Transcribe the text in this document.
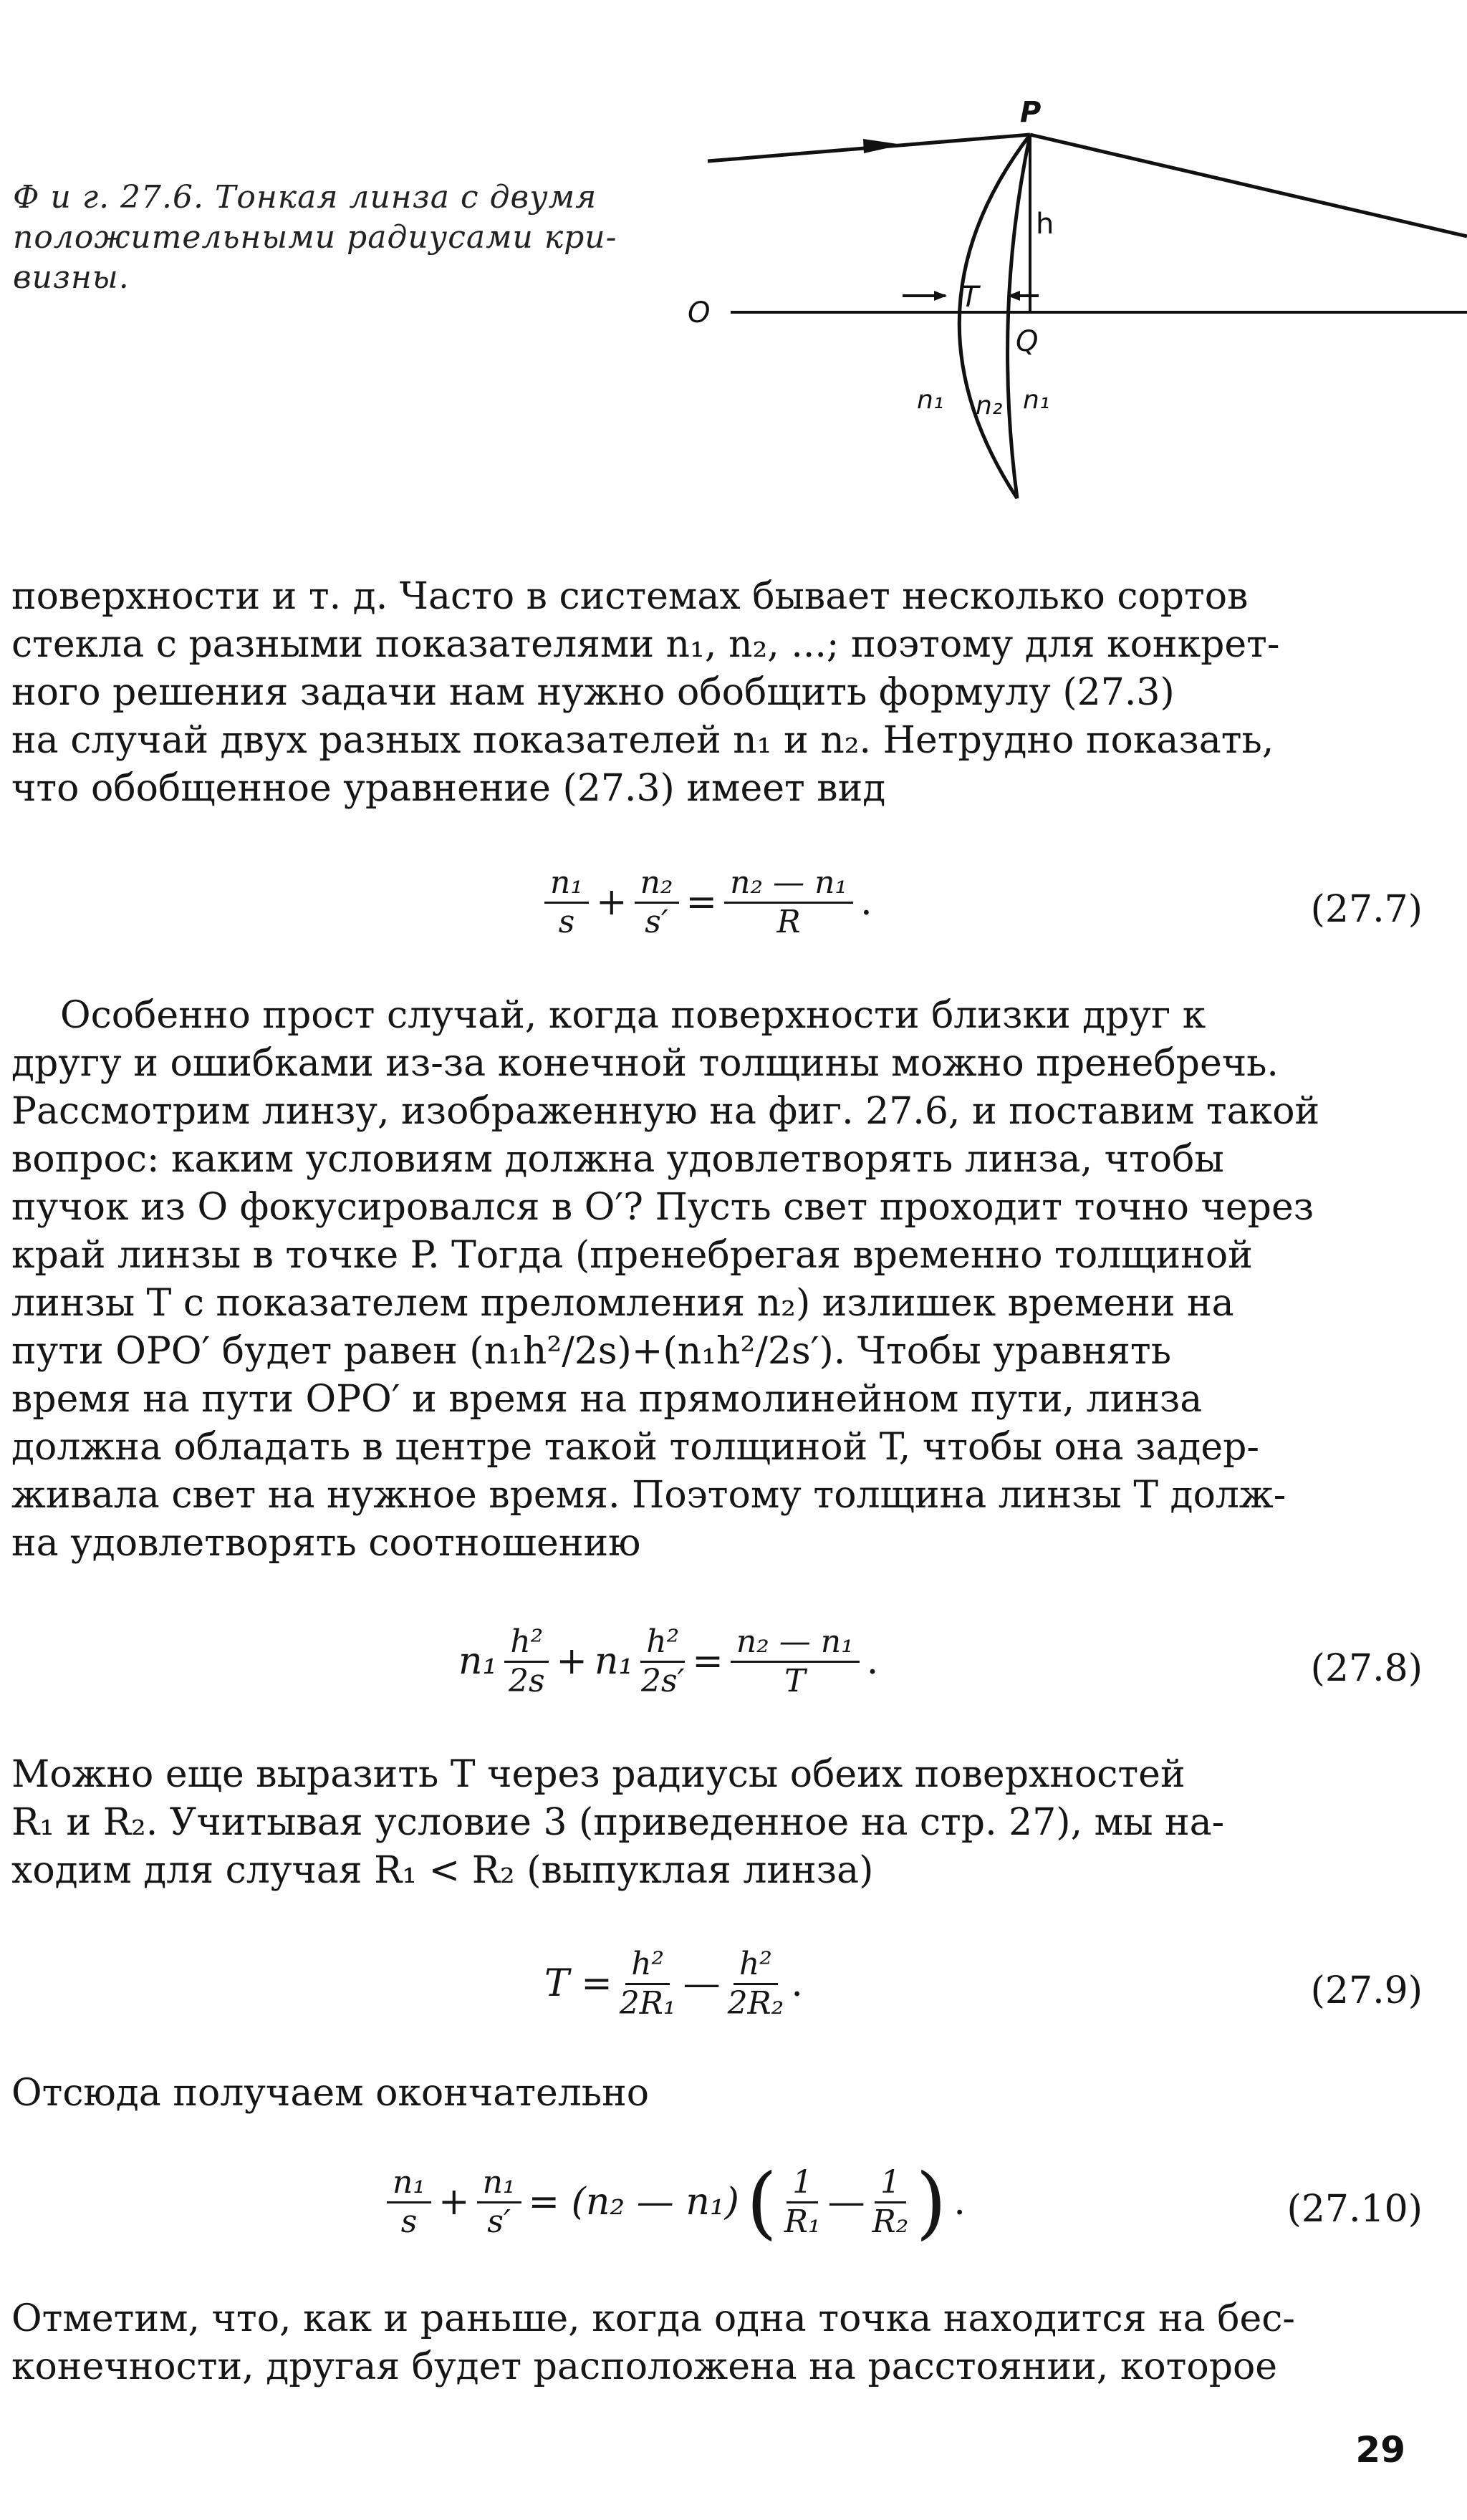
Ф и г. 27.6. Тонкая линза с двумя
положительными радиусами кри-
визны.
P
h
O	T
Q
n₁ n₂ n₁
поверхности и т. д. Часто в системах бывает несколько сортов
стекла с разными показателями n₁, n₂, ...; поэтому для конкрет-
ного решения задачи нам нужно обобщить формулу (27.3)
на случай двух разных показателей n₁ и n₂. Нетрудно показать,
что обобщенное уравнение (27.3) имеет вид
$\frac{\text{n₁}}{s} + \frac{\text{n₂}}{s'} = \frac{\text{n₂ — n₁}}{R}$ .	(27.7)
Особенно прост случай, когда поверхности близки друг к
другу и ошибками из-за конечной толщины можно пренебречь.
Рассмотрим линзу, изображенную на фиг. 27.6, и поставим такой
вопрос: каким условиям должна удовлетворять линза, чтобы
пучок из O фокусировался в O′? Пусть свет проходит точно через
край линзы в точке P. Тогда (пренебрегая временно толщиной
линзы T с показателем преломления n₂) излишек времени на
пути OPO′ будет равен (n₁h²/2s)+(n₁h²/2s′). Чтобы уравнять
время на пути OPO′ и время на прямолинейном пути, линза
должна обладать в центре такой толщиной T, чтобы она задер-
живала свет на нужное время. Поэтому толщина линзы T долж-
на удовлетворять соотношению
$n_1 \frac{\text{h²}}{2s} + n_1 \frac{\text{h²}}{2s'} = \frac{\text{n₂ — n₁}}{T}$ .	(27.8)
Можно еще выразить T через радиусы обеих поверхностей
R₁ и R₂. Учитывая условие 3 (приведенное на стр. 27), мы на-
ходим для случая R₁ < R₂ (выпуклая линза)
$T = \frac{\text{h²}}{\text{2R₁}}$ — $\frac{\text{h²}}{\text{2R₂}}$ .	(27.9)
Отсюда получаем окончательно
$\frac{\text{n₁}}{s} + \frac{\text{n₁}}{s'} = (n_2$ — n₁) ( $\frac{1}{\text{R₁}}$ — $\frac{1}{\text{R₂}}$ ) .	(27.10)
Отметим, что, как и раньше, когда одна точка находится на бес-
конечности, другая будет расположена на расстоянии, которое
29
